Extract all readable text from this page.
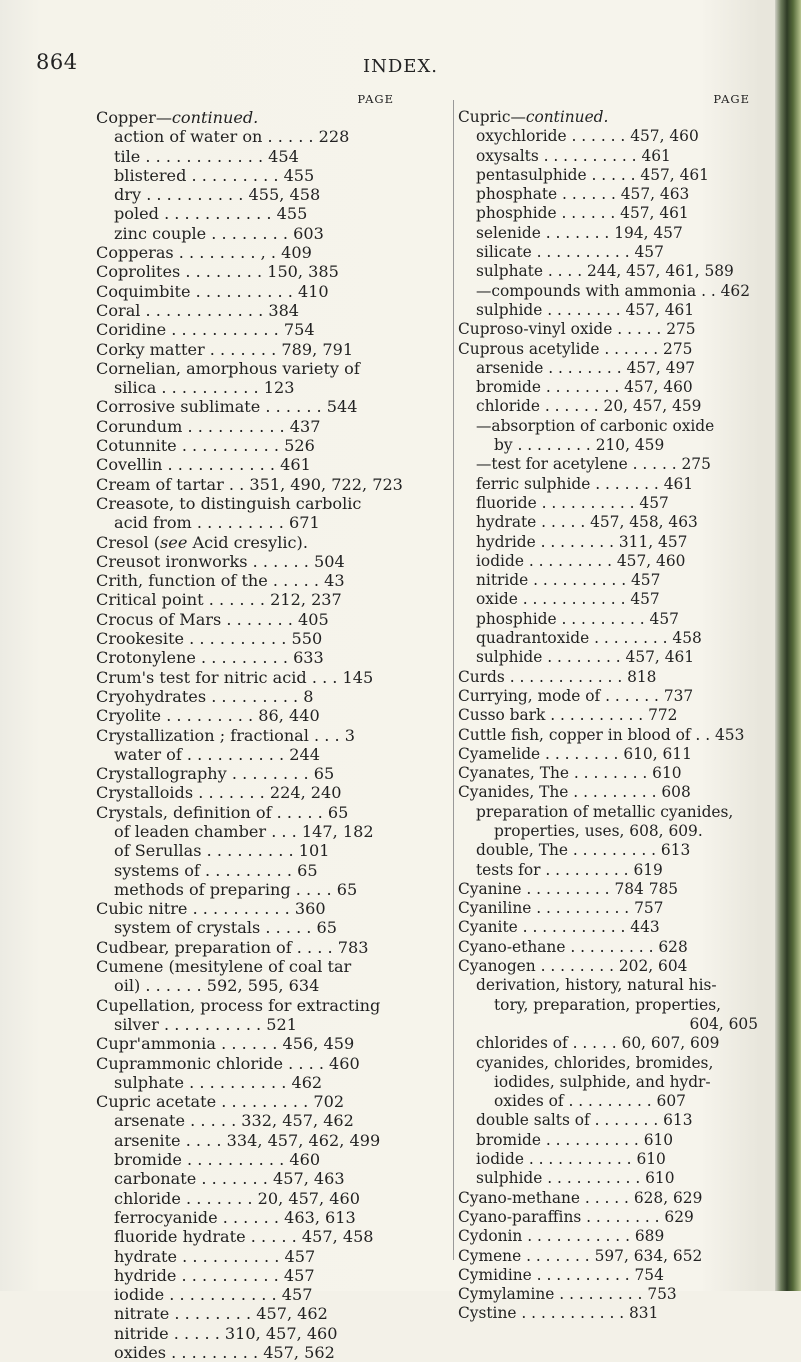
864	INDEX.
PAGE
Copper—continued.
action of water on . . . . . 228
tile . . . . . . . . . . . . 454
blistered . . . . . . . . . 455
dry . . . . . . . . . . 455, 458
poled . . . . . . . . . . . 455
zinc couple . . . . . . . . 603
Copperas . . . . . . . . , . 409
Coprolites . . . . . . . . 150, 385
Coquimbite . . . . . . . . . . 410
Coral . . . . . . . . . . . . 384
Coridine . . . . . . . . . . . 754
Corky matter . . . . . . . 789, 791
Cornelian, amorphous variety of
silica . . . . . . . . . . 123
Corrosive sublimate . . . . . . 544
Corundum . . . . . . . . . . 437
Cotunnite . . . . . . . . . . 526
Covellin . . . . . . . . . . . 461
Cream of tartar . . 351, 490, 722, 723
Creasote, to distinguish carbolic
acid from . . . . . . . . . 671
Cresol (see Acid cresylic).
Creusot ironworks . . . . . . 504
Crith, function of the . . . . . 43
Critical point . . . . . . 212, 237
Crocus of Mars . . . . . . . 405
Crookesite . . . . . . . . . . 550
Crotonylene . . . . . . . . . 633
Crum's test for nitric acid . . . 145
Cryohydrates . . . . . . . . . 8
Cryolite . . . . . . . . . 86, 440
Crystallization ; fractional . . . 3
water of . . . . . . . . . . 244
Crystallography . . . . . . . . 65
Crystalloids . . . . . . . 224, 240
Crystals, definition of . . . . . 65
of leaden chamber . . . 147, 182
of Serullas . . . . . . . . . 101
systems of . . . . . . . . . 65
methods of preparing . . . . 65
Cubic nitre . . . . . . . . . . 360
system of crystals . . . . . 65
Cudbear, preparation of . . . . 783
Cumene (mesitylene of coal tar
oil) . . . . . . 592, 595, 634
Cupellation, process for extracting
silver . . . . . . . . . . 521
Cupr'ammonia . . . . . . 456, 459
Cuprammonic chloride . . . . 460
sulphate . . . . . . . . . . 462
Cupric acetate . . . . . . . . . 702
arsenate . . . . . 332, 457, 462
arsenite . . . . 334, 457, 462, 499
bromide . . . . . . . . . . 460
carbonate . . . . . . . 457, 463
chloride . . . . . . . 20, 457, 460
ferrocyanide . . . . . . 463, 613
fluoride hydrate . . . . . 457, 458
hydrate . . . . . . . . . . 457
hydride . . . . . . . . . . 457
iodide . . . . . . . . . . . 457
nitrate . . . . . . . . 457, 462
nitride . . . . . 310, 457, 460
oxides . . . . . . . . . 457, 562
PAGE
Cupric—continued.
oxychloride . . . . . . 457, 460
oxysalts . . . . . . . . . . 461
pentasulphide . . . . . 457, 461
phosphate . . . . . . 457, 463
phosphide . . . . . . 457, 461
selenide . . . . . . . 194, 457
silicate . . . . . . . . . . 457
sulphate . . . . 244, 457, 461, 589
—compounds with ammonia . . 462
sulphide . . . . . . . . 457, 461
Cuproso-vinyl oxide . . . . . 275
Cuprous acetylide . . . . . . 275
arsenide . . . . . . . . 457, 497
bromide . . . . . . . . 457, 460
chloride . . . . . . 20, 457, 459
—absorption of carbonic oxide
by . . . . . . . . 210, 459
—test for acetylene . . . . . 275
ferric sulphide . . . . . . . 461
fluoride . . . . . . . . . . 457
hydrate . . . . . 457, 458, 463
hydride . . . . . . . . 311, 457
iodide . . . . . . . . . 457, 460
nitride . . . . . . . . . . 457
oxide . . . . . . . . . . . 457
phosphide . . . . . . . . . 457
quadrantoxide . . . . . . . . 458
sulphide . . . . . . . . 457, 461
Curds . . . . . . . . . . . . 818
Currying, mode of . . . . . . 737
Cusso bark . . . . . . . . . . 772
Cuttle fish, copper in blood of . . 453
Cyamelide . . . . . . . . 610, 611
Cyanates, The . . . . . . . . 610
Cyanides, The . . . . . . . . . 608
preparation of metallic cyanides,
properties, uses, 608, 609.
double, The . . . . . . . . . 613
tests for . . . . . . . . . 619
Cyanine . . . . . . . . . 784 785
Cyaniline . . . . . . . . . . 757
Cyanite . . . . . . . . . . . 443
Cyano-ethane . . . . . . . . . 628
Cyanogen . . . . . . . . 202, 604
derivation, history, natural his-
tory, preparation, properties,
604, 605
chlorides of . . . . . 60, 607, 609
cyanides, chlorides, bromides,
iodides, sulphide, and hydr-
oxides of . . . . . . . . . 607
double salts of . . . . . . . 613
bromide . . . . . . . . . . 610
iodide . . . . . . . . . . . 610
sulphide . . . . . . . . . . 610
Cyano-methane . . . . . 628, 629
Cyano-paraffins . . . . . . . . 629
Cydonin . . . . . . . . . . . 689
Cymene . . . . . . . 597, 634, 652
Cymidine . . . . . . . . . . 754
Cymylamine . . . . . . . . . 753
Cystine . . . . . . . . . . . 831
